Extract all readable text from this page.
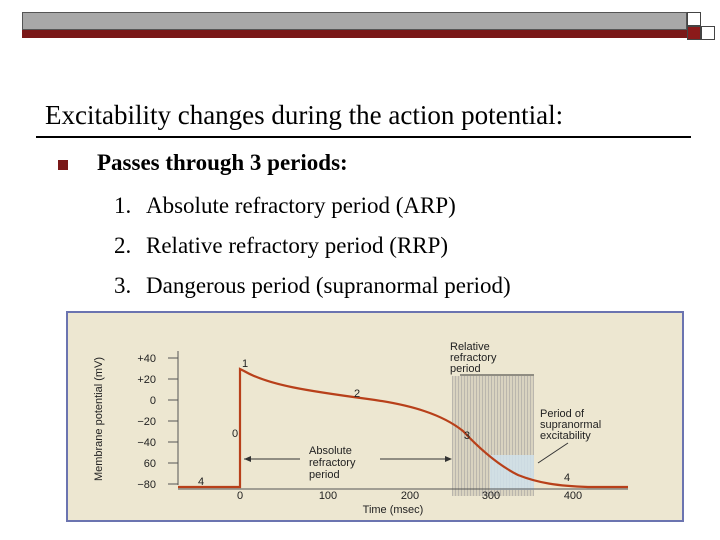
Excitability changes during the action potential:
Passes through 3 periods:
1. Absolute refractory period (ARP)
2. Relative refractory period (RRP)
3. Dangerous period (supranormal period)
+40
+20
0
−20
−40
60
−80
Membrane potential (mV)
0	100	200	300	400
Time (msec)
0
1
2
3
4	4
Absolute
refractory
period
Relative
refractory
period
Period of
supranormal
excitability
